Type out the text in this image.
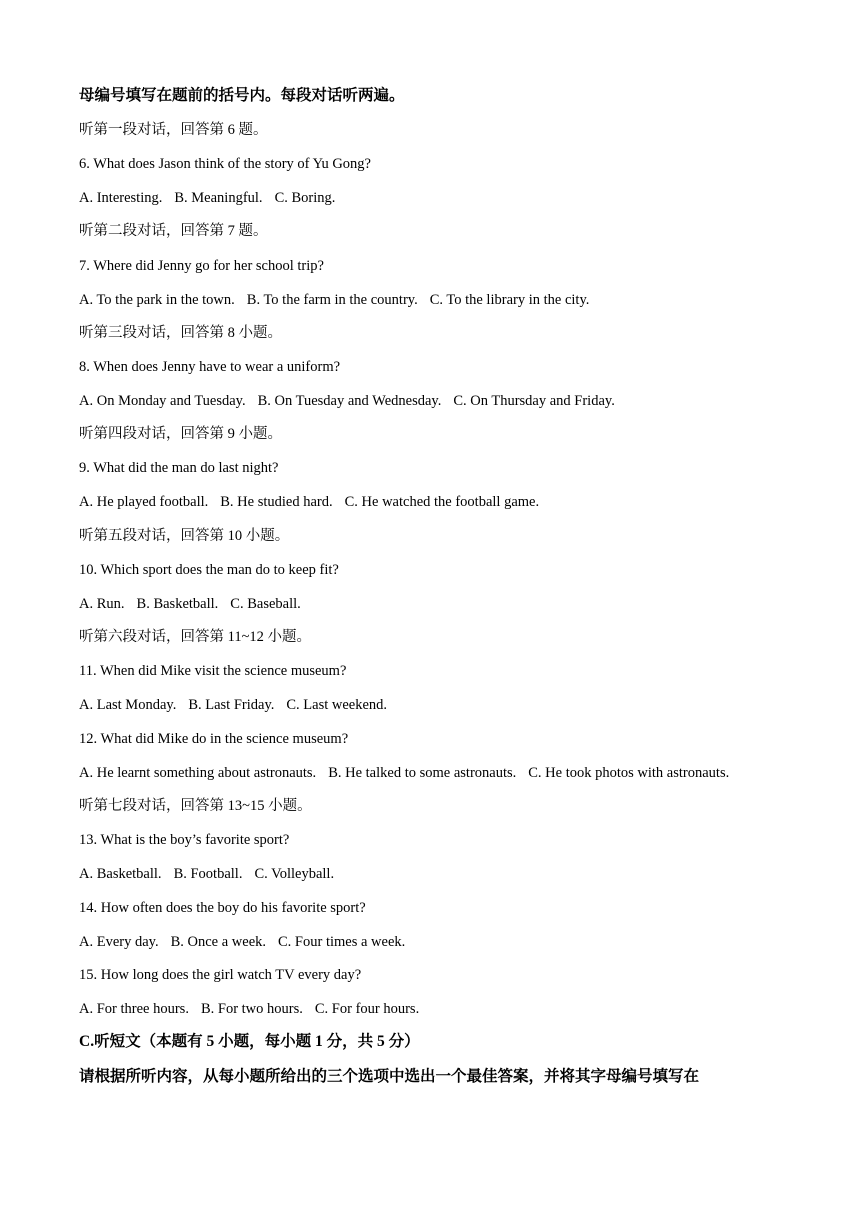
母编号填写在题前的括号内。每段对话听两遍。
听第一段对话，回答第 6 题。
6. What does Jason think of the story of Yu Gong?
A. Interesting. B. Meaningful. C. Boring.
听第二段对话，回答第 7 题。
7. Where did Jenny go for her school trip?
A. To the park in the town. B. To the farm in the country. C. To the library in the city.
听第三段对话，回答第 8 小题。
8. When does Jenny have to wear a uniform?
A. On Monday and Tuesday. B. On Tuesday and Wednesday. C. On Thursday and Friday.
听第四段对话，回答第 9 小题。
9. What did the man do last night?
A. He played football. B. He studied hard. C. He watched the football game.
听第五段对话，回答第 10 小题。
10. Which sport does the man do to keep fit?
A. Run. B. Basketball. C. Baseball.
听第六段对话，回答第 11~12 小题。
11. When did Mike visit the science museum?
A. Last Monday. B. Last Friday. C. Last weekend.
12. What did Mike do in the science museum?
A. He learnt something about astronauts. B. He talked to some astronauts. C. He took photos with astronauts.
听第七段对话，回答第 13~15 小题。
13. What is the boy’s favorite sport?
A. Basketball. B. Football. C. Volleyball.
14. How often does the boy do his favorite sport?
A. Every day. B. Once a week. C. Four times a week.
15. How long does the girl watch TV every day?
A. For three hours. B. For two hours. C. For four hours.
C.听短文（本题有 5 小题，每小题 1 分，共 5 分）
请根据所听内容，从每小题所给出的三个选项中选出一个最佳答案，并将其字母编号填写在
